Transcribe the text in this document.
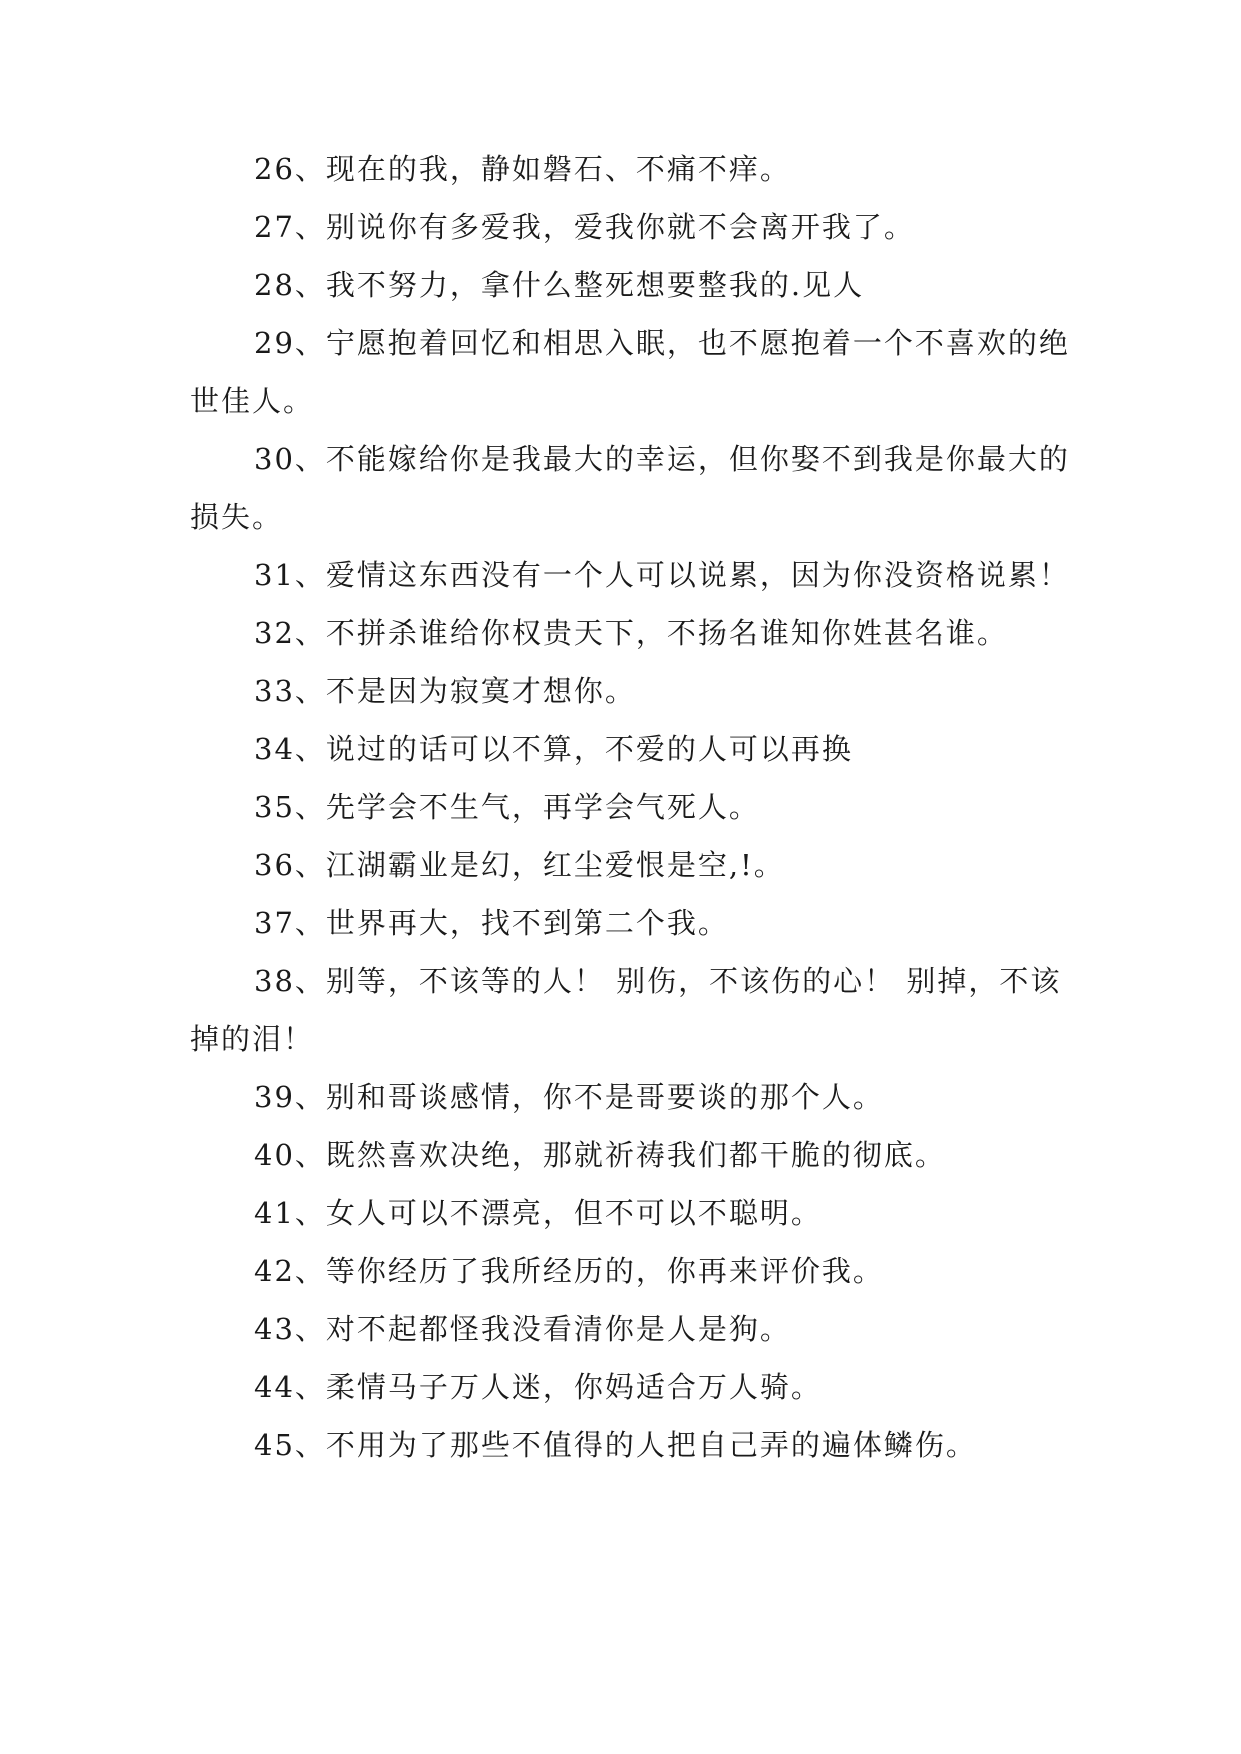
26、现在的我，静如磐石、不痛不痒。

27、别说你有多爱我，爱我你就不会离开我了。

28、我不努力，拿什么整死想要整我的.见人

29、宁愿抱着回忆和相思入眠，也不愿抱着一个不喜欢的绝世佳人。

30、不能嫁给你是我最大的幸运，但你娶不到我是你最大的损失。

31、爱情这东西没有一个人可以说累，因为你没资格说累！

32、不拼杀谁给你权贵天下，不扬名谁知你姓甚名谁。

33、不是因为寂寞才想你。

34、说过的话可以不算，不爱的人可以再换

35、先学会不生气，再学会气死人。

36、江湖霸业是幻，红尘爱恨是空,!。

37、世界再大，找不到第二个我。

38、别等，不该等的人！ 别伤，不该伤的心！ 别掉，不该掉的泪！

39、别和哥谈感情，你不是哥要谈的那个人。

40、既然喜欢决绝，那就祈祷我们都干脆的彻底。

41、女人可以不漂亮，但不可以不聪明。

42、等你经历了我所经历的，你再来评价我。

43、对不起都怪我没看清你是人是狗。

44、柔情马子万人迷，你妈适合万人骑。

45、不用为了那些不值得的人把自己弄的遍体鳞伤。
